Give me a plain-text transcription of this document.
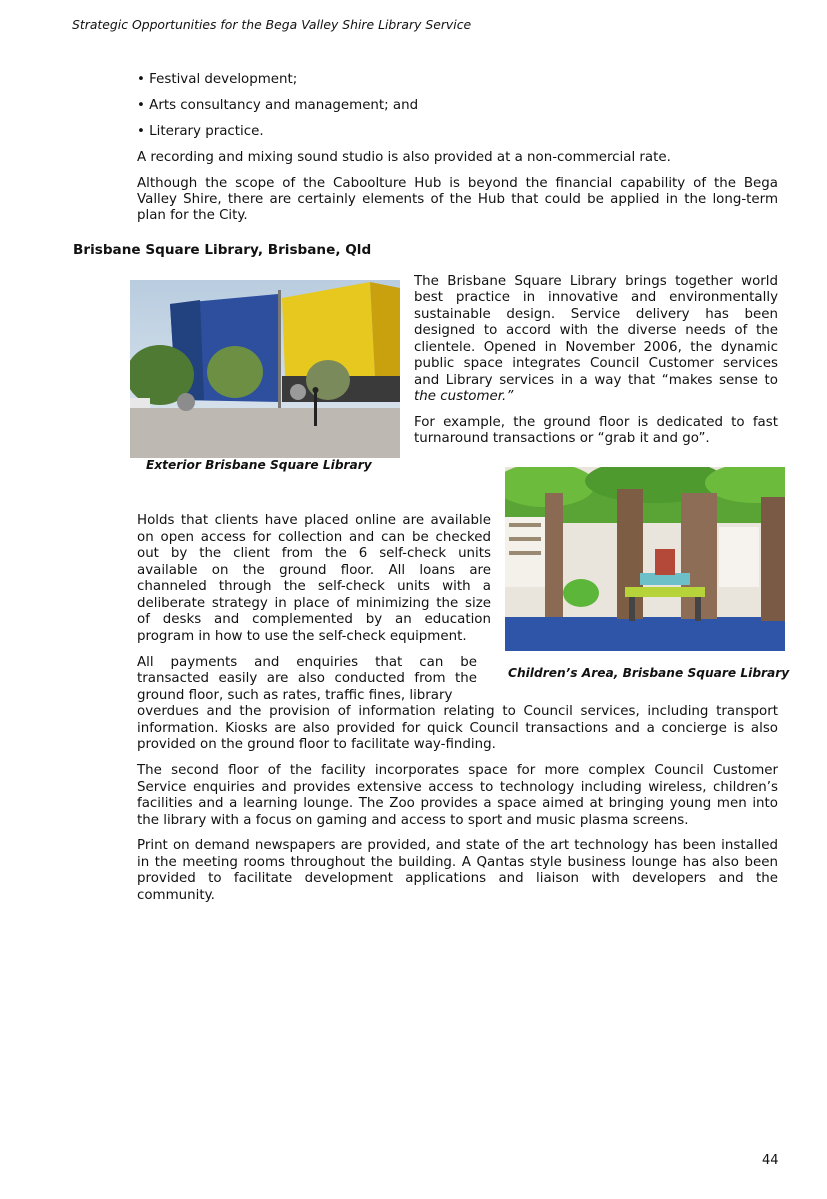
Strategic Opportunities for the Bega Valley Shire Library Service
• Festival development;
• Arts consultancy and management; and
• Literary practice.
A recording and mixing sound studio is also provided at a non-commercial rate.
Although the scope of the Caboolture Hub is beyond the financial capability of the Bega
Valley Shire, there are certainly elements of the Hub that could be applied in the long-term
plan for the City.
Brisbane Square Library, Brisbane, Qld
Exterior Brisbane Square Library
The Brisbane Square Library brings together world
best practice in innovative and environmentally
sustainable design. Service delivery has been
designed to accord with the diverse needs of the
clientele. Opened in November 2006, the dynamic
public space integrates Council Customer services
and Library services in a way that “makes sense to
the customer.”
For example, the ground floor is dedicated to fast
turnaround transactions or “grab it and go”.
Children’s Area, Brisbane Square Library
Holds that clients have placed online are available
on open access for collection and can be checked
out by the client from the 6 self-check units
available on the ground floor. All loans are
channeled through the self-check units with a
deliberate strategy in place of minimizing the size
of desks and complemented by an education
program in how to use the self-check equipment.
All payments and enquiries that can be
transacted easily are also conducted from the
ground floor, such as rates, traffic fines, library
overdues and the provision of information relating to Council services, including transport
information. Kiosks are also provided for quick Council transactions and a concierge is also
provided on the ground floor to facilitate way-finding.
The second floor of the facility incorporates space for more complex Council Customer
Service enquiries and provides extensive access to technology including wireless, children’s
facilities and a learning lounge. The Zoo provides a space aimed at bringing young men into
the library with a focus on gaming and access to sport and music plasma screens.
Print on demand newspapers are provided, and state of the art technology has been installed
in the meeting rooms throughout the building. A Qantas style business lounge has also been
provided to facilitate development applications and liaison with developers and the
community.
44
